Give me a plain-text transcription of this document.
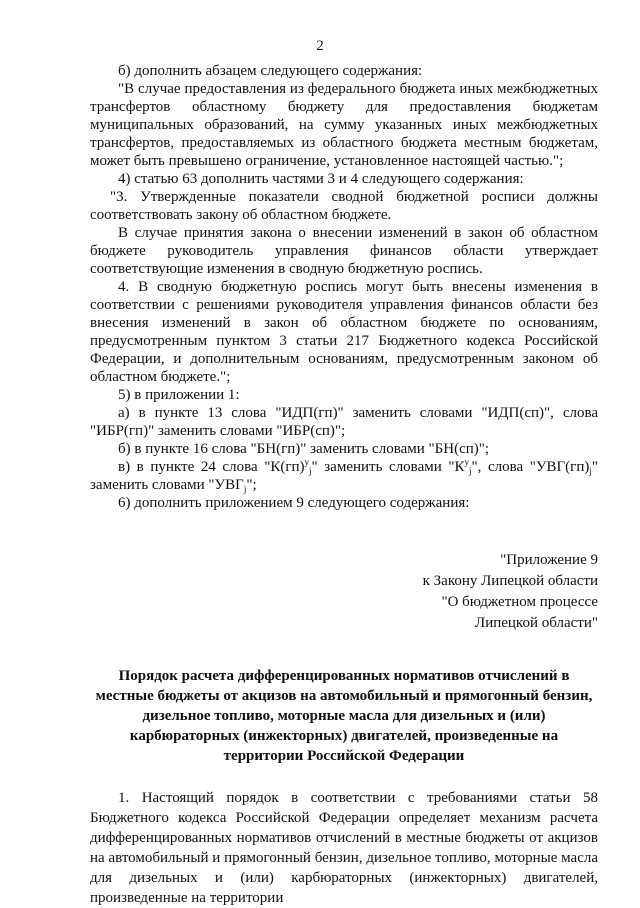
2

б) дополнить абзацем следующего содержания:

"В случае предоставления из федерального бюджета иных межбюджетных трансфертов областному бюджету для предоставления бюджетам муниципальных образований, на сумму указанных иных межбюджетных трансфертов, предоставляемых из областного бюджета местным бюджетам, может быть превышено ограничение, установленное настоящей частью.";

4) статью 63 дополнить частями 3 и 4 следующего содержания:

"3. Утвержденные показатели сводной бюджетной росписи должны соответствовать закону об областном бюджете.

В случае принятия закона о внесении изменений в закон об областном бюджете руководитель управления финансов области утверждает соответствующие изменения в сводную бюджетную роспись.

4. В сводную бюджетную роспись могут быть внесены изменения в соответствии с решениями руководителя управления финансов области без внесения изменений в закон об областном бюджете по основаниям, предусмотренным пунктом 3 статьи 217 Бюджетного кодекса Российской Федерации, и дополнительным основаниям, предусмотренным законом об областном бюджете.";

5) в приложении 1:

а) в пункте 13 слова "ИДП(гп)" заменить словами "ИДП(сп)", слова "ИБР(гп)" заменить словами "ИБР(сп)";

б) в пункте 16 слова "БН(гп)" заменить словами "БН(сп)";

в) в пункте 24 слова "К(гп)$^у_j$" заменить словами "$К^у_j$", слова "$УВГ(гп)_j$" заменить словами "$УВГ_j$";

6) дополнить приложением 9 следующего содержания:

"Приложение 9
к Закону Липецкой области
"О бюджетном процессе
Липецкой области"
Порядок расчета дифференцированных нормативов отчислений в местные бюджеты от акцизов на автомобильный и прямогонный бензин, дизельное топливо, моторные масла для дизельных и (или) карбюраторных (инжекторных) двигателей, произведенные на территории Российской Федерации

1. Настоящий порядок в соответствии с требованиями статьи 58 Бюджетного кодекса Российской Федерации определяет механизм расчета дифференцированных нормативов отчислений в местные бюджеты от акцизов на автомобильный и прямогонный бензин, дизельное топливо, моторные масла для дизельных и (или) карбюраторных (инжекторных) двигателей, произведенные на территории
